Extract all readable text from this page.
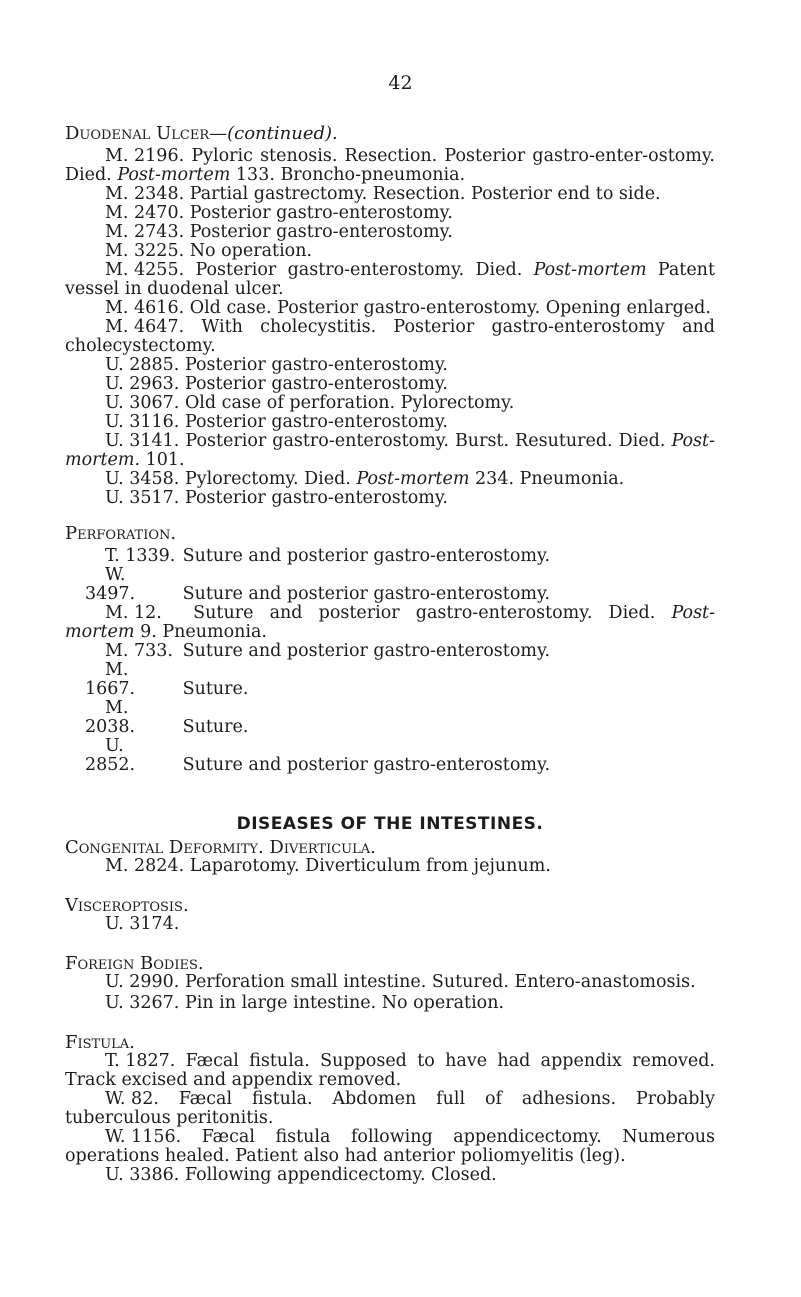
42
Duodenal Ulcer—(continued).

M. 2196. Pyloric stenosis. Resection. Posterior gastro-enter-ostomy. Died. Post-mortem 133. Broncho-pneumonia.

M. 2348. Partial gastrectomy. Resection. Posterior end to side.

M. 2470. Posterior gastro-enterostomy.

M. 2743. Posterior gastro-enterostomy.

M. 3225. No operation.

M. 4255. Posterior gastro-enterostomy. Died. Post-mortem Patent vessel in duodenal ulcer.

M. 4616. Old case. Posterior gastro-enterostomy. Opening enlarged.

M. 4647. With cholecystitis. Posterior gastro-enterostomy and cholecystectomy.

U. 2885. Posterior gastro-enterostomy.

U. 2963. Posterior gastro-enterostomy.

U. 3067. Old case of perforation. Pylorectomy.

U. 3116. Posterior gastro-enterostomy.

U. 3141. Posterior gastro-enterostomy. Burst. Resutured. Died. Post-mortem. 101.

U. 3458. Pylorectomy. Died. Post-mortem 234. Pneumonia.

U. 3517. Posterior gastro-enterostomy.

Perforation.

T. 1339. Suture and posterior gastro-enterostomy.

W. 3497.	Suture and posterior gastro-enterostomy.

M. 12. Suture and posterior gastro-enterostomy. Died. Post-mortem 9. Pneumonia.

M. 733. Suture and posterior gastro-enterostomy.

M. 1667.	Suture.

M. 2038.	Suture.

U. 2852.	Suture and posterior gastro-enterostomy.

DISEASES OF THE INTESTINES.
Congenital Deformity. Diverticula.

M. 2824. Laparotomy. Diverticulum from jejunum.

Visceroptosis.

U. 3174.

Foreign Bodies.

U. 2990. Perforation small intestine. Sutured. Entero-anastomosis.

U. 3267. Pin in large intestine. No operation.

Fistula.

T. 1827. Fæcal fistula. Supposed to have had appendix removed. Track excised and appendix removed.

W. 82. Fæcal fistula. Abdomen full of adhesions. Probably tuberculous peritonitis.

W. 1156. Fæcal fistula following appendicectomy. Numerous operations healed. Patient also had anterior poliomyelitis (leg).

U. 3386. Following appendicectomy. Closed.
